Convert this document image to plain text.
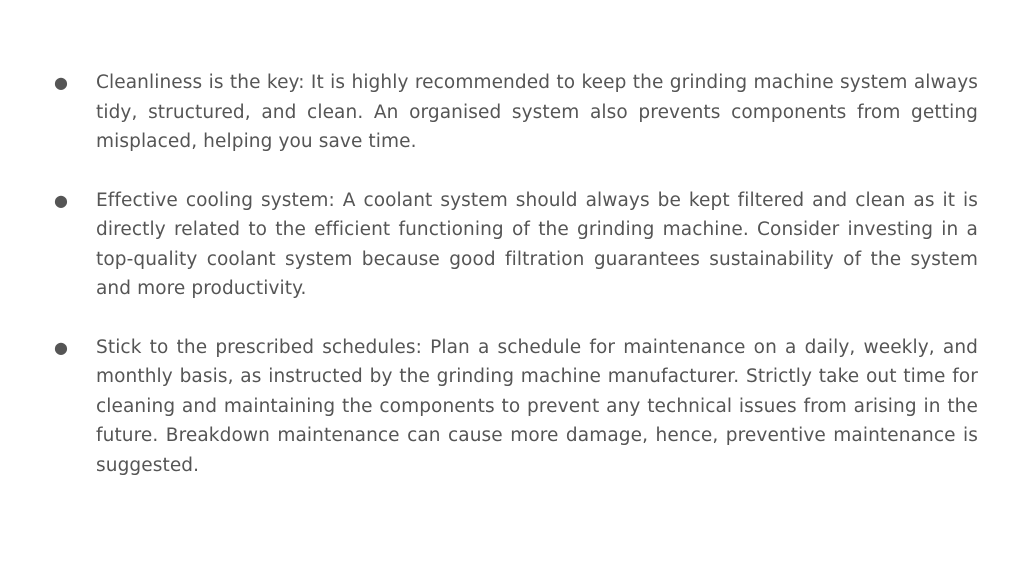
●	Cleanliness is the key: It is highly recommended to keep the grinding machine system always tidy, structured, and clean. An organised system also prevents components from getting misplaced, helping you save time.

●	Effective cooling system: A coolant system should always be kept filtered and clean as it is directly related to the efficient functioning of the grinding machine. Consider investing in a top-quality coolant system because good filtration guarantees sustainability of the system and more productivity.

●	Stick to the prescribed schedules: Plan a schedule for maintenance on a daily, weekly, and monthly basis, as instructed by the grinding machine manufacturer. Strictly take out time for cleaning and maintaining the components to prevent any technical issues from arising in the future. Breakdown maintenance can cause more damage, hence, preventive maintenance is suggested.
